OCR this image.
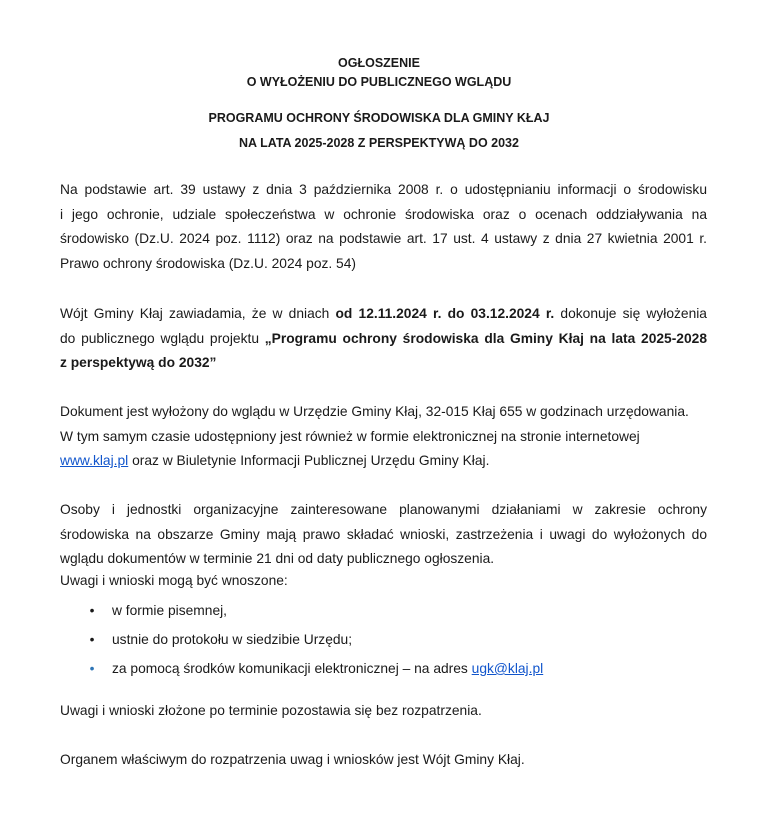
OGŁOSZENIE
O WYŁOŻENIU DO PUBLICZNEGO WGLĄDU
PROGRAMU OCHRONY ŚRODOWISKA DLA GMINY KŁAJ
NA LATA 2025-2028 Z PERSPEKTYWĄ DO 2032
Na podstawie art. 39 ustawy z dnia 3 października 2008 r. o udostępnianiu informacji o środowisku
i jego ochronie, udziale społeczeństwa w ochronie środowiska oraz o ocenach oddziaływania na
środowisko (Dz.U. 2024 poz. 1112) oraz na podstawie art. 17 ust. 4 ustawy z dnia 27 kwietnia 2001 r.
Prawo ochrony środowiska (Dz.U. 2024 poz. 54)
Wójt Gminy Kłaj zawiadamia, że w dniach od 12.11.2024 r. do 03.12.2024 r. dokonuje się wyłożenia
do publicznego wglądu projektu „Programu ochrony środowiska dla Gminy Kłaj na lata 2025-2028
z perspektywą do 2032”
Dokument jest wyłożony do wglądu w Urzędzie Gminy Kłaj, 32-015 Kłaj 655 w godzinach urzędowania.
W tym samym czasie udostępniony jest również w formie elektronicznej na stronie internetowej
www.klaj.pl oraz w Biuletynie Informacji Publicznej Urzędu Gminy Kłaj.
Osoby i jednostki organizacyjne zainteresowane planowanymi działaniami w zakresie ochrony
środowiska na obszarze Gminy mają prawo składać wnioski, zastrzeżenia i uwagi do wyłożonych do
wglądu dokumentów w terminie 21 dni od daty publicznego ogłoszenia.
Uwagi i wnioski mogą być wnoszone:
• w formie pisemnej,
• ustnie do protokołu w siedzibie Urzędu;
• za pomocą środków komunikacji elektronicznej – na adres ugk@klaj.pl
Uwagi i wnioski złożone po terminie pozostawia się bez rozpatrzenia.
Organem właściwym do rozpatrzenia uwag i wniosków jest Wójt Gminy Kłaj.
